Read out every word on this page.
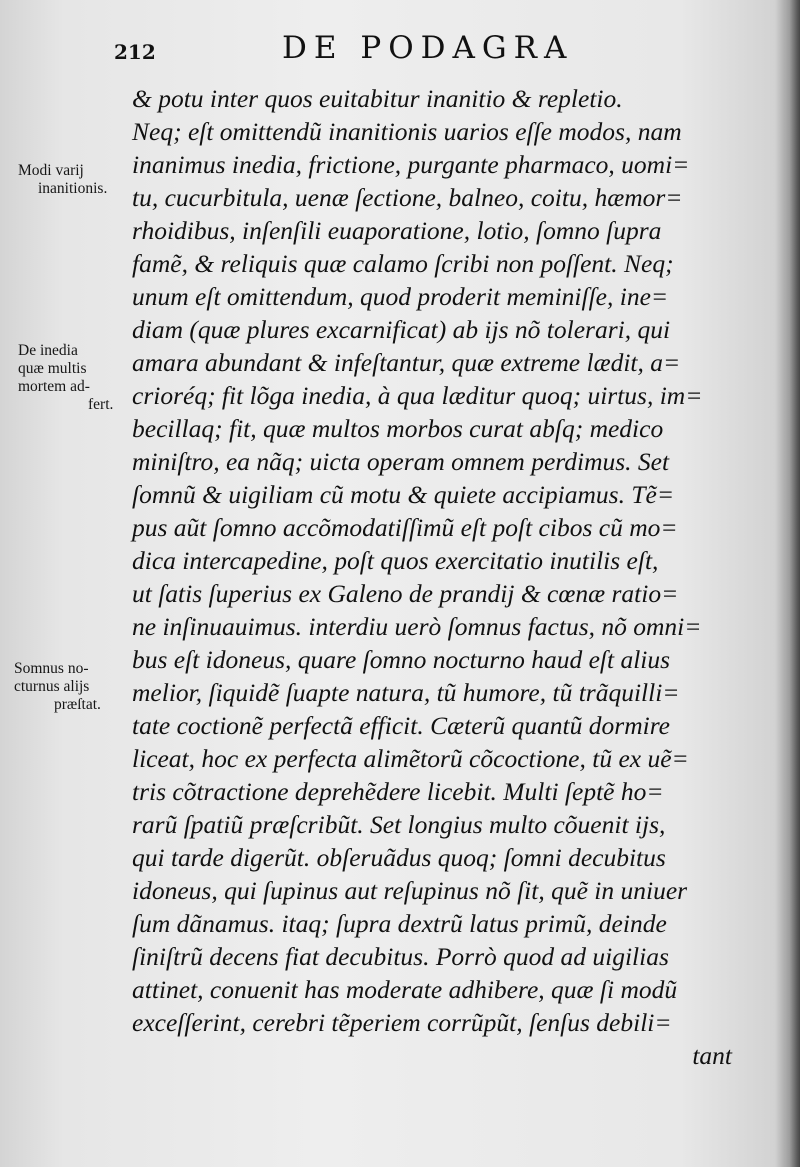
212	DE PODAGRA
& potu inter quos euitabitur inanitio & repletio.
Neq; eſt omittendũ inanitionis uarios eſſe modos, nam
inanimus inedia, frictione, purgante pharmaco, uomi=
tu, cucurbitula, uenæ ſectione, balneo, coitu, hæmor=
rhoidibus, inſenſili euaporatione, lotio, ſomno ſupra
famẽ, & reliquis quæ calamo ſcribi non poſſent. Neq;
unum eſt omittendum, quod proderit meminiſſe, ine=
diam (quæ plures excarnificat) ab ijs nõ tolerari, qui
amara abundant & infeſtantur, quæ extreme lædit, a=
crioréq; fit lõga inedia, à qua læditur quoq; uirtus, im=
becillaq; fit, quæ multos morbos curat abſq; medico
miniſtro, ea nãq; uicta operam omnem perdimus. Set
ſomnũ & uigiliam cũ motu & quiete accipiamus. Tẽ=
pus aũt ſomno accõmodatiſſimũ eſt poſt cibos cũ mo=
dica intercapedine, poſt quos exercitatio inutilis eſt,
ut ſatis ſuperius ex Galeno de prandij & cœnæ ratio=
ne inſinuauimus. interdiu uerò ſomnus factus, nõ omni=
bus eſt idoneus, quare ſomno nocturno haud eſt alius
melior, ſiquidẽ ſuapte natura, tũ humore, tũ trãquilli=
tate coctionẽ perfectã efficit. Cæterũ quantũ dormire
liceat, hoc ex perfecta alimẽtorũ cõcoctione, tũ ex uẽ=
tris cõtractione deprehẽdere licebit. Multi ſeptẽ ho=
rarũ ſpatiũ præſcribũt. Set longius multo cõuenit ijs,
qui tarde digerũt. obſeruãdus quoq; ſomni decubitus
idoneus, qui ſupinus aut reſupinus nõ ſit, quẽ in uniuer
ſum dãnamus. itaq; ſupra dextrũ latus primũ, deinde
ſiniſtrũ decens fiat decubitus. Porrò quod ad uigilias
attinet, conuenit has moderate adhibere, quæ ſi modũ
exceſſerint, cerebri tẽperiem corrũpũt, ſenſus debili=
tant
Modi varij
inanitionis.
De inedia
quæ multis
mortem ad-
fert.
Somnus no-
cturnus alijs
præſtat.
